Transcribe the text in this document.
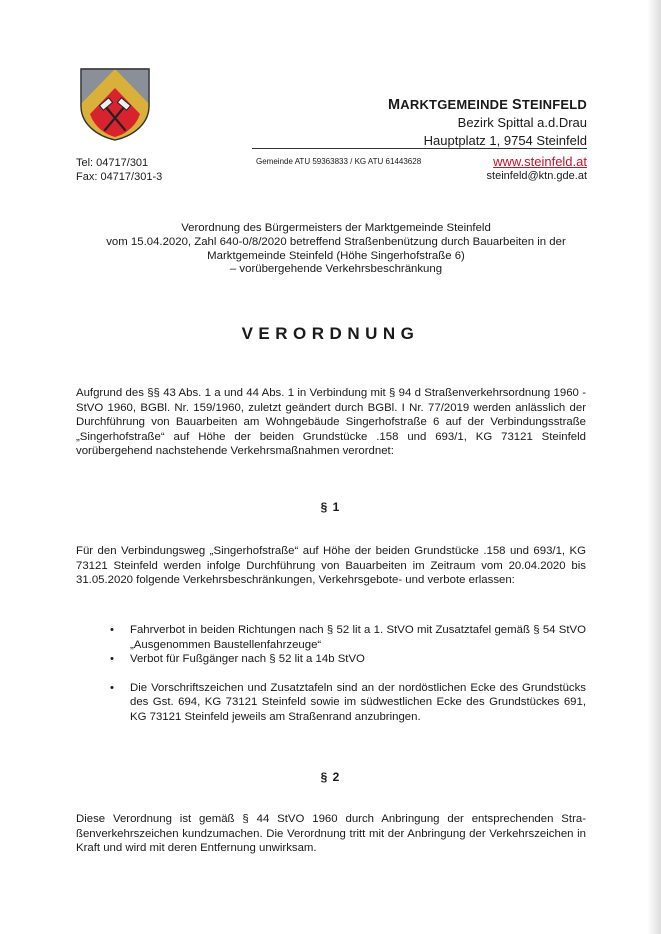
MARKTGEMEINDE STEINFELD
Bezirk Spittal a.d.Drau
Hauptplatz 1, 9754 Steinfeld
Tel: 04717/301
Fax: 04717/301-3
Gemeinde ATU 59363833 / KG ATU 61443628	www.steinfeld.at
steinfeld@ktn.gde.at
Verordnung des Bürgermeisters der Marktgemeinde Steinfeld
vom 15.04.2020, Zahl 640-0/8/2020 betreffend Straßenbenützung durch Bauarbeiten in der
Marktgemeinde Steinfeld (Höhe Singerhofstraße 6)
– vorübergehende Verkehrsbeschränkung
VERORDNUNG
Aufgrund des §§ 43 Abs. 1 a und 44 Abs. 1 in Verbindung mit § 94 d Straßenverkehrsordnung 1960 - StVO 1960, BGBl. Nr. 159/1960, zuletzt geändert durch BGBl. I Nr. 77/2019 werden anlässlich der Durchführung von Bauarbeiten am Wohngebäude Singerhofstraße 6 auf der Verbindungsstraße „Singerhofstraße“ auf Höhe der beiden Grundstücke .158 und 693/1, KG 73121 Steinfeld vorübergehend nachstehende Verkehrsmaßnahmen verordnet:
§ 1
Für den Verbindungsweg „Singerhofstraße“ auf Höhe der beiden Grundstücke .158 und 693/1, KG 73121 Steinfeld werden infolge Durchführung von Bauarbeiten im Zeitraum vom 20.04.2020 bis 31.05.2020 folgende Verkehrsbeschränkungen, Verkehrsgebote- und verbote erlassen:
• Fahrverbot in beiden Richtungen nach § 52 lit a 1. StVO mit Zusatztafel gemäß § 54 StVO „Ausgenommen Baustellenfahrzeuge“
• Verbot für Fußgänger nach § 52 lit a 14b StVO
• Die Vorschriftszeichen und Zusatztafeln sind an der nordöstlichen Ecke des Grundstücks des Gst. 694, KG 73121 Steinfeld sowie im südwestlichen Ecke des Grundstückes 691, KG 73121 Steinfeld jeweils am Straßenrand anzubringen.
§ 2
Diese Verordnung ist gemäß § 44 StVO 1960 durch Anbringung der entsprechenden Straßenverkehrszeichen kundzumachen. Die Verordnung tritt mit der Anbringung der Verkehrszeichen in Kraft und wird mit deren Entfernung unwirksam.
